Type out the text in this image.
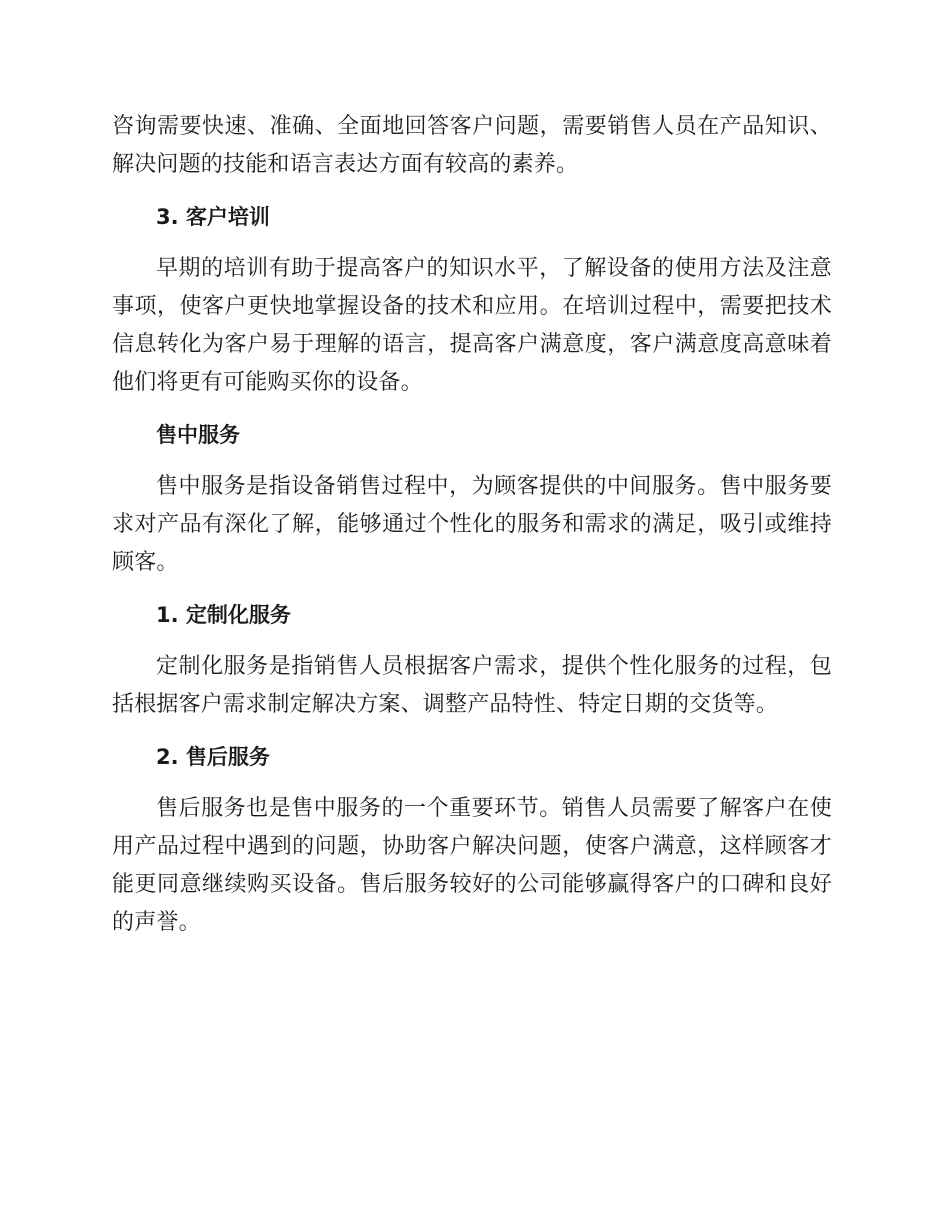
咨询需要快速、准确、全面地回答客户问题，需要销售人员在产品知识、解决问题的技能和语言表达方面有较高的素养。

3. 客户培训

早期的培训有助于提高客户的知识水平，了解设备的使用方法及注意事项，使客户更快地掌握设备的技术和应用。在培训过程中，需要把技术信息转化为客户易于理解的语言，提高客户满意度，客户满意度高意味着他们将更有可能购买你的设备。

售中服务

售中服务是指设备销售过程中，为顾客提供的中间服务。售中服务要求对产品有深化了解，能够通过个性化的服务和需求的满足，吸引或维持顾客。

1. 定制化服务

定制化服务是指销售人员根据客户需求，提供个性化服务的过程，包括根据客户需求制定解决方案、调整产品特性、特定日期的交货等。

2. 售后服务

售后服务也是售中服务的一个重要环节。销售人员需要了解客户在使用产品过程中遇到的问题，协助客户解决问题，使客户满意，这样顾客才能更同意继续购买设备。售后服务较好的公司能够赢得客户的口碑和良好的声誉。
